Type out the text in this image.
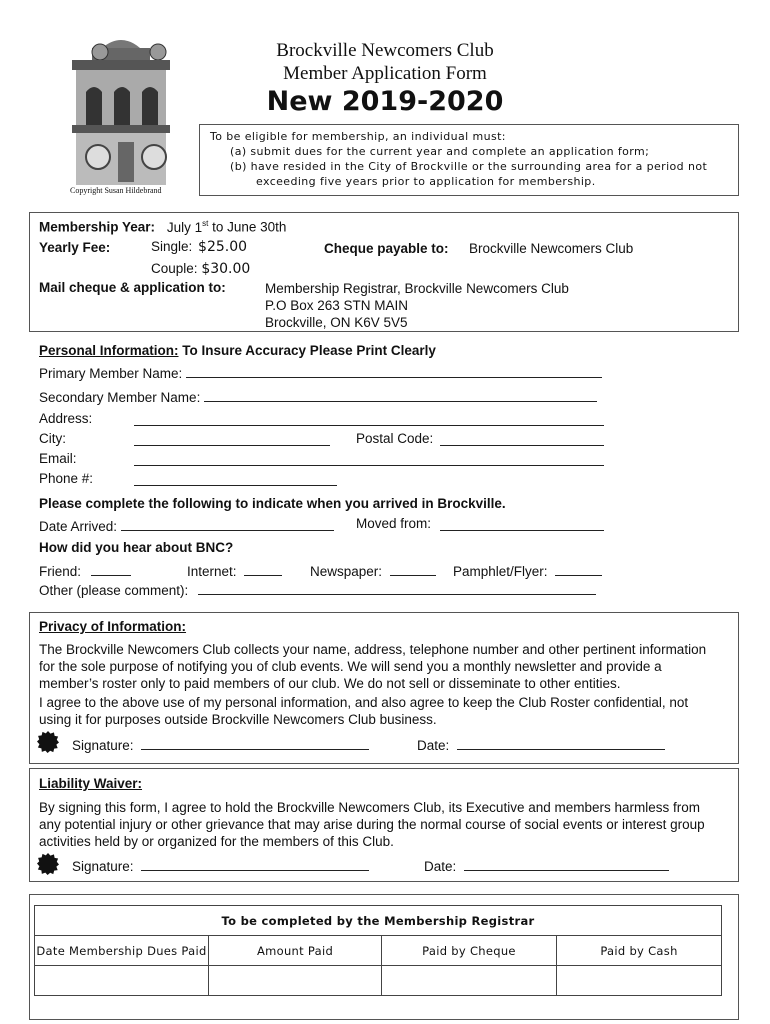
Copyright Susan Hildebrand
Brockville Newcomers Club
Member Application Form
New 2019-2020
To be eligible for membership, an individual must:
(a) submit dues for the current year and complete an application form;
(b) have resided in the City of Brockville or the surrounding area for a period not
exceeding five years prior to application for membership.
Membership Year: July 1st to June 30th
Yearly Fee:	Single: $25.00	Cheque payable to: Brockville Newcomers Club
Couple: $30.00
Mail cheque & application to:	Membership Registrar, Brockville Newcomers Club
P.O Box 263 STN MAIN
Brockville, ON K6V 5V5
Personal Information: To Insure Accuracy Please Print Clearly
Primary Member Name:
Secondary Member Name:
Address:
City:	Postal Code:
Email:
Phone #:
Please complete the following to indicate when you arrived in Brockville.
Date Arrived:	Moved from:
How did you hear about BNC?
Friend:	Internet:	Newspaper:	Pamphlet/Flyer:
Other (please comment):
Privacy of Information:
The Brockville Newcomers Club collects your name, address, telephone number and other pertinent information
for the sole purpose of notifying you of club events. We will send you a monthly newsletter and provide a
member’s roster only to paid members of our club. We do not sell or disseminate to other entities.
I agree to the above use of my personal information, and also agree to keep the Club Roster confidential, not
using it for purposes outside Brockville Newcomers Club business.
Signature:	Date:
Liability Waiver:
By signing this form, I agree to hold the Brockville Newcomers Club, its Executive and members harmless from
any potential injury or other grievance that may arise during the normal course of social events or interest group
activities held by or organized for the members of this Club.
Signature:	Date:
To be completed by the Membership Registrar			
Date Membership Dues Paid	Amount Paid	Paid by Cheque	Paid by Cash
